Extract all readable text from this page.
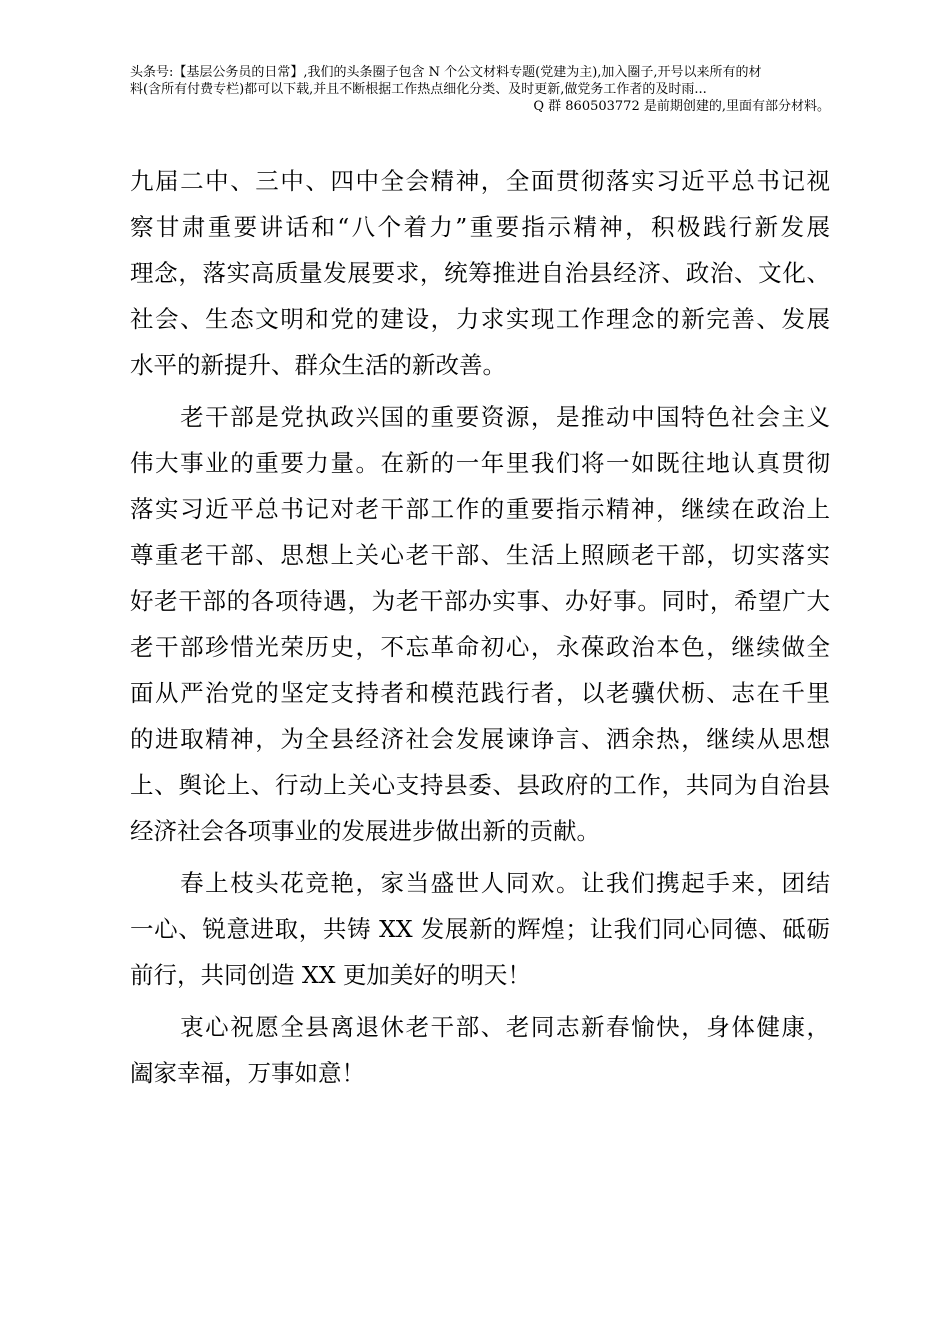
头条号:【基层公务员的日常】,我们的头条圈子包含 N 个公文材料专题(党建为主),加入圈子,开号以来所有的材
料(含所有付费专栏)都可以下载,并且不断根据工作热点细化分类、及时更新,做党务工作者的及时雨...
Q 群 860503772 是前期创建的,里面有部分材料。
九届二中、三中、四中全会精神，全面贯彻落实习近平总书记视
察甘肃重要讲话和“八个着力”重要指示精神，积极践行新发展
理念，落实高质量发展要求，统筹推进自治县经济、政治、文化、
社会、生态文明和党的建设，力求实现工作理念的新完善、发展
水平的新提升、群众生活的新改善。
　　老干部是党执政兴国的重要资源，是推动中国特色社会主义
伟大事业的重要力量。在新的一年里我们将一如既往地认真贯彻
落实习近平总书记对老干部工作的重要指示精神，继续在政治上
尊重老干部、思想上关心老干部、生活上照顾老干部，切实落实
好老干部的各项待遇，为老干部办实事、办好事。同时，希望广大
老干部珍惜光荣历史，不忘革命初心，永葆政治本色，继续做全
面从严治党的坚定支持者和模范践行者，以老骥伏枥、志在千里
的进取精神，为全县经济社会发展谏诤言、洒余热，继续从思想
上、舆论上、行动上关心支持县委、县政府的工作，共同为自治县
经济社会各项事业的发展进步做出新的贡献。
　　春上枝头花竞艳，家当盛世人同欢。让我们携起手来，团结
一心、锐意进取，共铸 XX 发展新的辉煌；让我们同心同德、砥砺
前行，共同创造 XX 更加美好的明天！
　　衷心祝愿全县离退休老干部、老同志新春愉快，身体健康，
阖家幸福，万事如意！
